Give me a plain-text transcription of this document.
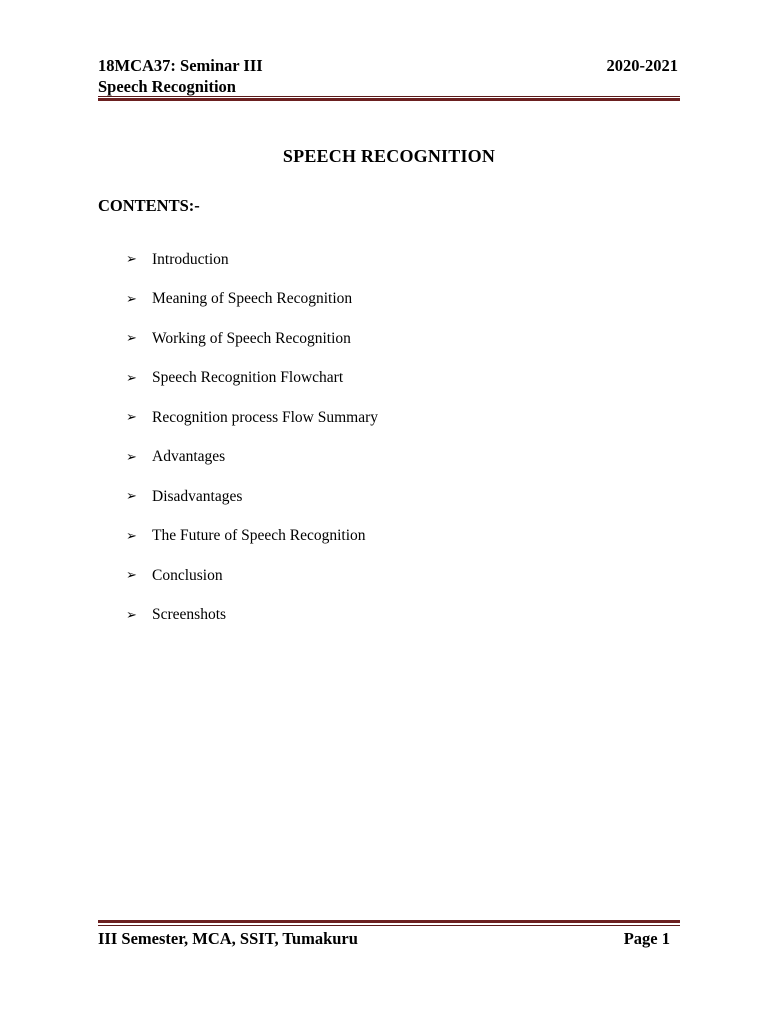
18MCA37: Seminar III	2020-2021
Speech Recognition
SPEECH RECOGNITION
CONTENTS:-
➢ Introduction
➢ Meaning of Speech Recognition
➢ Working of Speech Recognition
➢ Speech Recognition Flowchart
➢ Recognition process Flow Summary
➢ Advantages
➢ Disadvantages
➢ The Future of Speech Recognition
➢ Conclusion
➢ Screenshots
III Semester, MCA, SSIT, Tumakuru	Page 1
